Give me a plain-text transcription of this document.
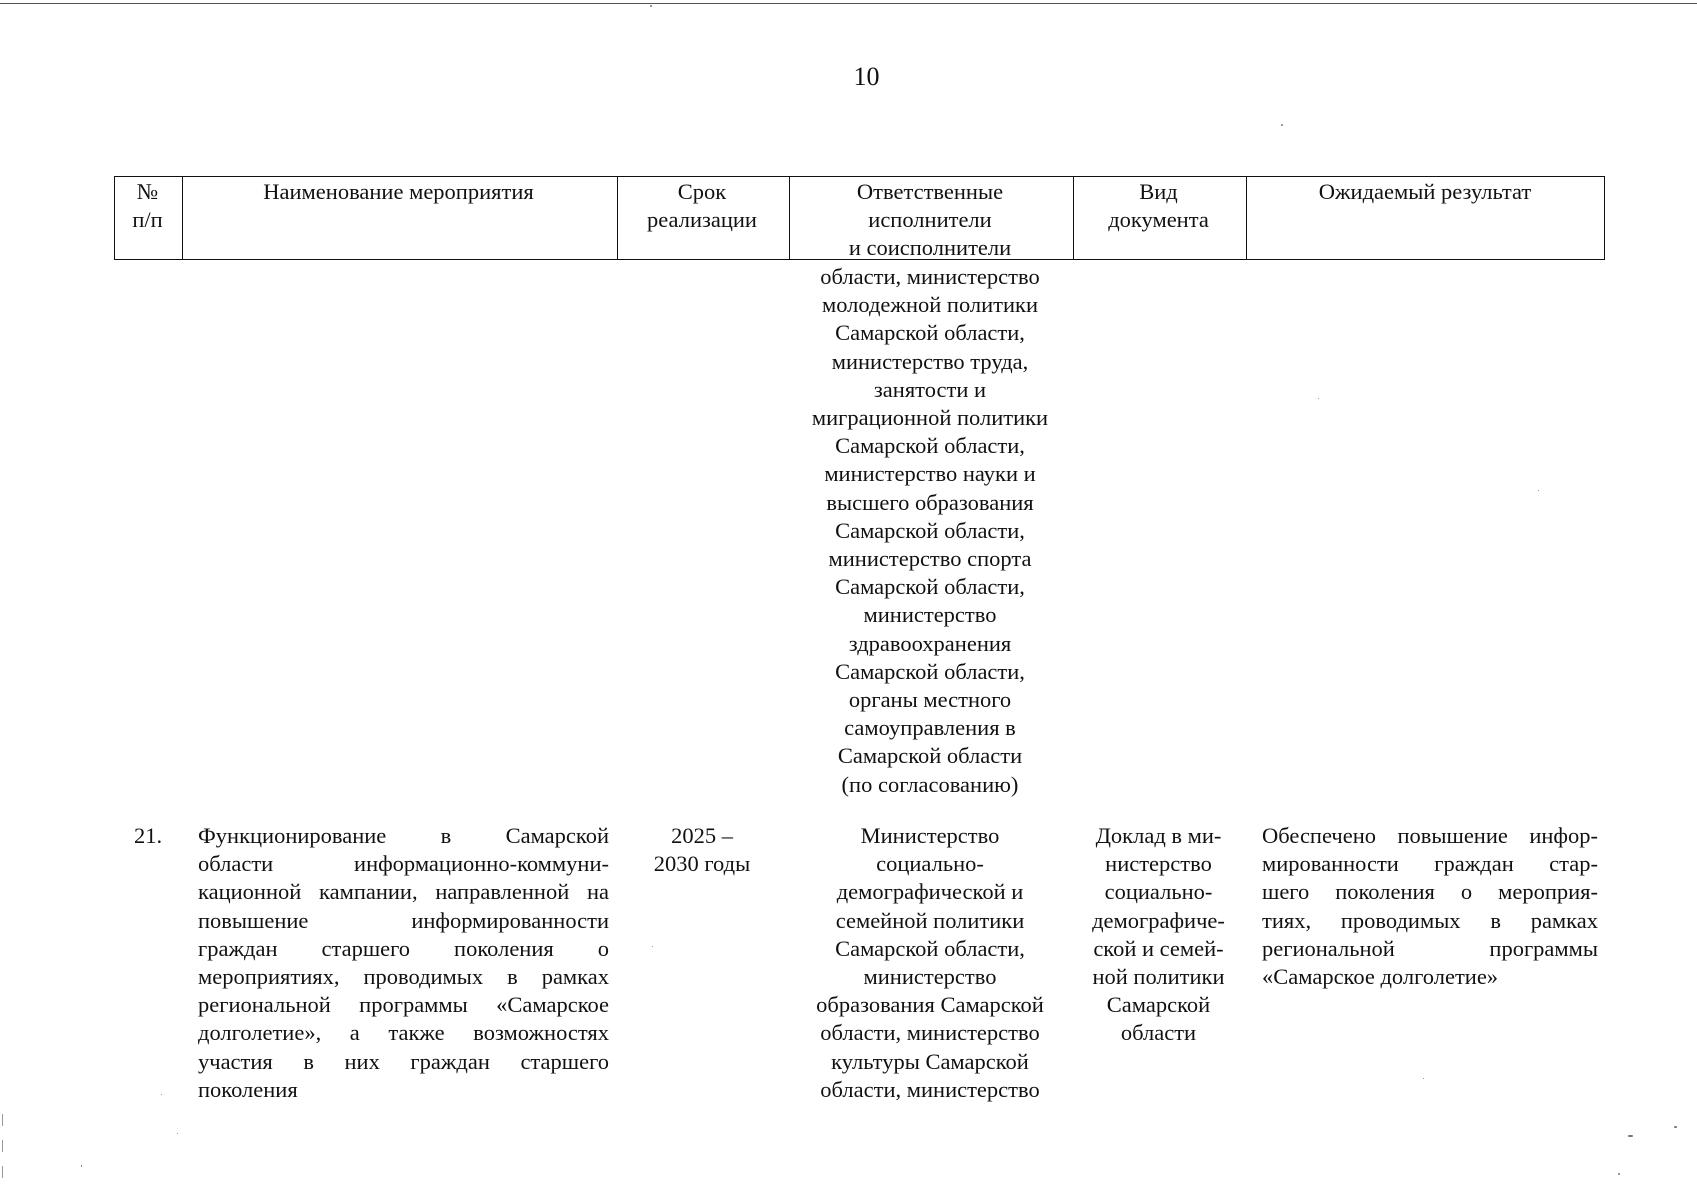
10
№
п/п
Наименование мероприятия	Срок
реализации
Ответственные
исполнители
и соисполнители
Вид
документа
Ожидаемый результат
области, министерство
молодежной политики
Самарской области,
министерство труда,
занятости и
миграционной политики
Самарской области,
министерство науки и
высшего образования
Самарской области,
министерство спорта
Самарской области,
министерство
здравоохранения
Самарской области,
органы местного
самоуправления в
Самарской области
(по согласованию)
21.	Функционирование в Самарской
области информационно-коммуни-
кационной кампании, направленной на
повышение информированности
граждан старшего поколения о
мероприятиях, проводимых в рамках
региональной программы «Самарское
долголетие», а также возможностях
участия в них граждан старшего
поколения
2025 –
2030 годы
Министерство
социально-
демографической и
семейной политики
Самарской области,
министерство
образования Самарской
области, министерство
культуры Самарской
области, министерство
Доклад в ми-
нистерство
социально-
демографиче-
ской и семей-
ной политики
Самарской
области
Обеспечено повышение инфор-
мированности граждан стар-
шего поколения о мероприя-
тиях, проводимых в рамках
региональной программы
«Самарское долголетие»
